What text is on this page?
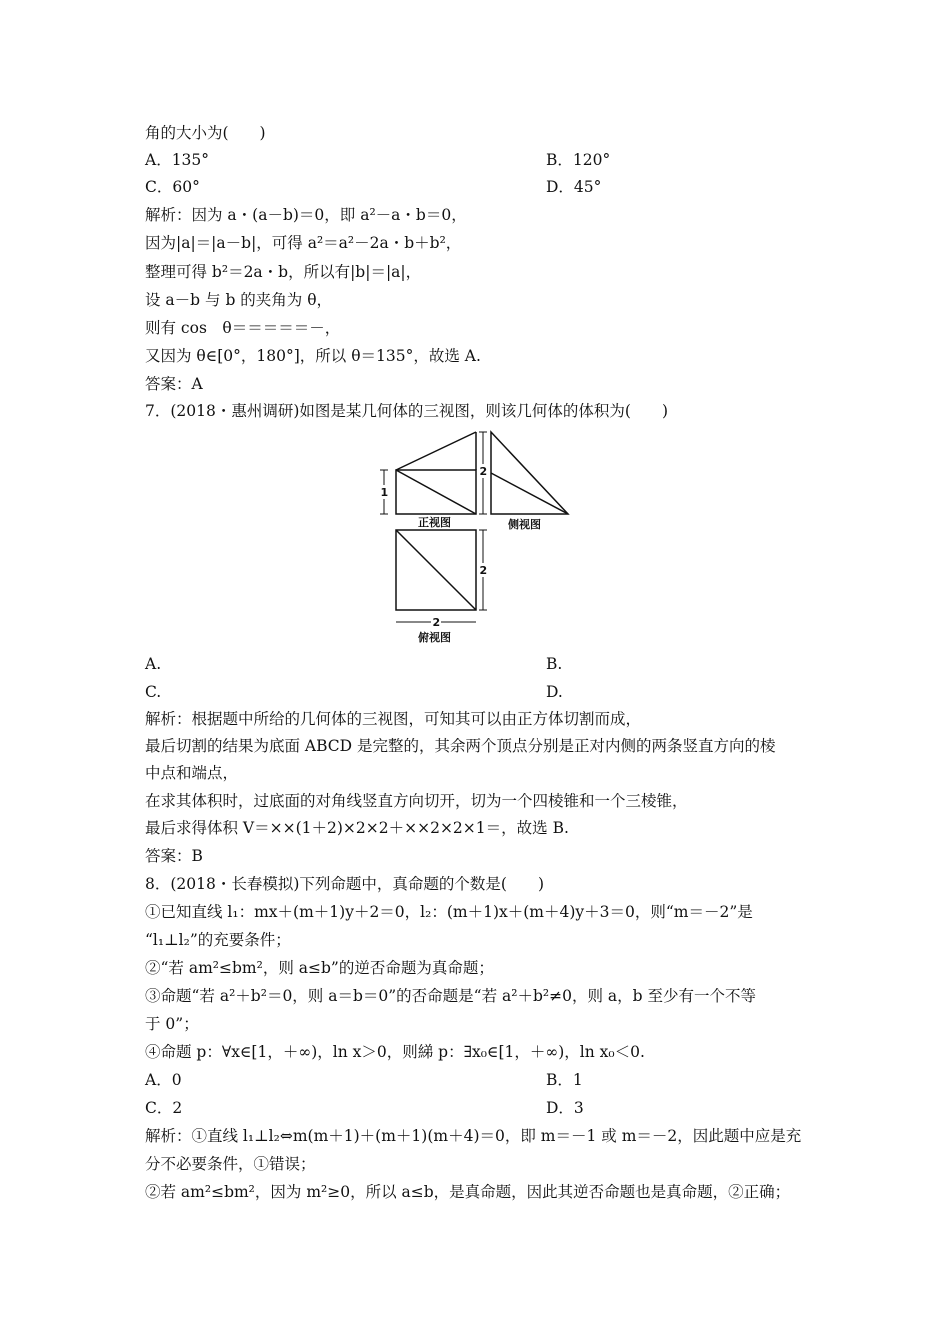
角的大小为(　　)
A．135°	B．120°
C．60°	D．45°
解析：因为 a・(a－b)＝0，即 a²－a・b＝0，
因为|a|＝|a－b|，可得 a²＝a²－2a・b＋b²，
整理可得 b²＝2a・b，所以有|b|＝|a|，
设 a－b 与 b 的夹角为 θ，
则有 cos　θ＝＝＝＝＝－，
又因为 θ∈[0°，180°]，所以 θ＝135°，故选 A.
答案：A
7．(2018・惠州调研)如图是某几何体的三视图，则该几何体的体积为(　　)
1
2
2
2
正视图	侧视图
俯视图
A.	B.
C.	D.
解析：根据题中所给的几何体的三视图，可知其可以由正方体切割而成，
最后切割的结果为底面 ABCD 是完整的，其余两个顶点分别是正对内侧的两条竖直方向的棱
中点和端点，
在求其体积时，过底面的对角线竖直方向切开，切为一个四棱锥和一个三棱锥，
最后求得体积 V＝××(1＋2)×2×2＋××2×2×1＝，故选 B.
答案：B
8．(2018・长春模拟)下列命题中，真命题的个数是(　　)
①已知直线 l₁：mx＋(m＋1)y＋2＝0，l₂：(m＋1)x＋(m＋4)y＋3＝0，则“m＝－2”是
“l₁⊥l₂”的充要条件；
②“若 am²≤bm²，则 a≤b”的逆否命题为真命题；
③命题“若 a²＋b²＝0，则 a＝b＝0”的否命题是“若 a²＋b²≠0，则 a，b 至少有一个不等
于 0”；
④命题 p：∀x∈[1，＋∞)，ln x＞0，则綈 p：∃x₀∈[1，＋∞)，ln x₀＜0.
A．0	B．1
C．2	D．3
解析：①直线 l₁⊥l₂⇔m(m＋1)＋(m＋1)(m＋4)＝0，即 m＝－1 或 m＝－2，因此题中应是充
分不必要条件，①错误；
②若 am²≤bm²，因为 m²≥0，所以 a≤b，是真命题，因此其逆否命题也是真命题，②正确；
